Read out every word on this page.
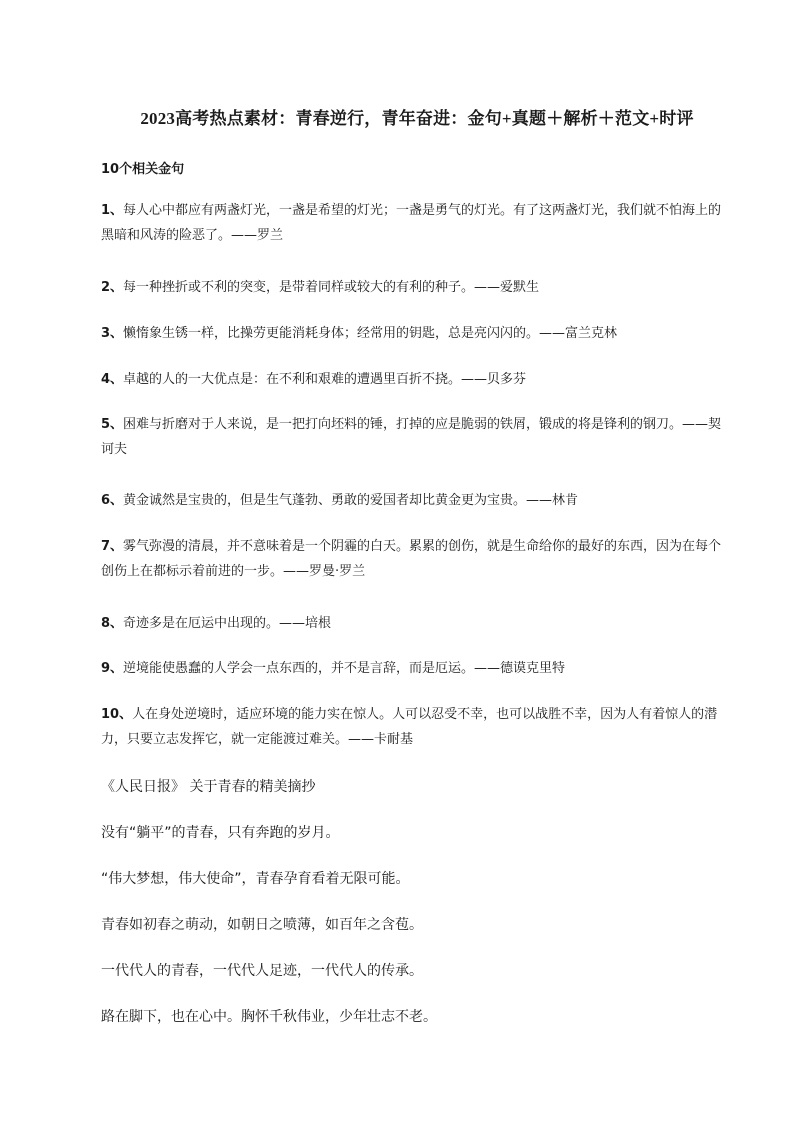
2023高考热点素材：青春逆行，青年奋进：金句+真题＋解析＋范文+时评

10个相关金句

1、每人心中都应有两盏灯光，一盏是希望的灯光；一盏是勇气的灯光。有了这两盏灯光，我们就不怕海上的黑暗和风涛的险恶了。——罗兰
2、每一种挫折或不利的突变，是带着同样或较大的有利的种子。——爱默生
3、懒惰象生锈一样，比操劳更能消耗身体；经常用的钥匙，总是亮闪闪的。——富兰克林
4、卓越的人的一大优点是：在不利和艰难的遭遇里百折不挠。——贝多芬
5、困难与折磨对于人来说，是一把打向坯料的锤，打掉的应是脆弱的铁屑，锻成的将是锋利的钢刀。——契诃夫
6、黄金诚然是宝贵的，但是生气蓬勃、勇敢的爱国者却比黄金更为宝贵。——林肯
7、雾气弥漫的清晨，并不意味着是一个阴霾的白天。累累的创伤，就是生命给你的最好的东西，因为在每个创伤上在都标示着前进的一步。——罗曼·罗兰
8、奇迹多是在厄运中出现的。——培根
9、逆境能使愚蠢的人学会一点东西的，并不是言辞，而是厄运。——德谟克里特
10、人在身处逆境时，适应环境的能力实在惊人。人可以忍受不幸，也可以战胜不幸，因为人有着惊人的潜力，只要立志发挥它，就一定能渡过难关。——卡耐基

《人民日报》 关于青春的精美摘抄

没有“躺平”的青春，只有奔跑的岁月。

“伟大梦想，伟大使命”，青春孕育看着无限可能。

青春如初春之萌动，如朝日之喷薄，如百年之含苞。

一代代人的青春，一代代人足迹，一代代人的传承。

路在脚下，也在心中。胸怀千秋伟业，少年壮志不老。
